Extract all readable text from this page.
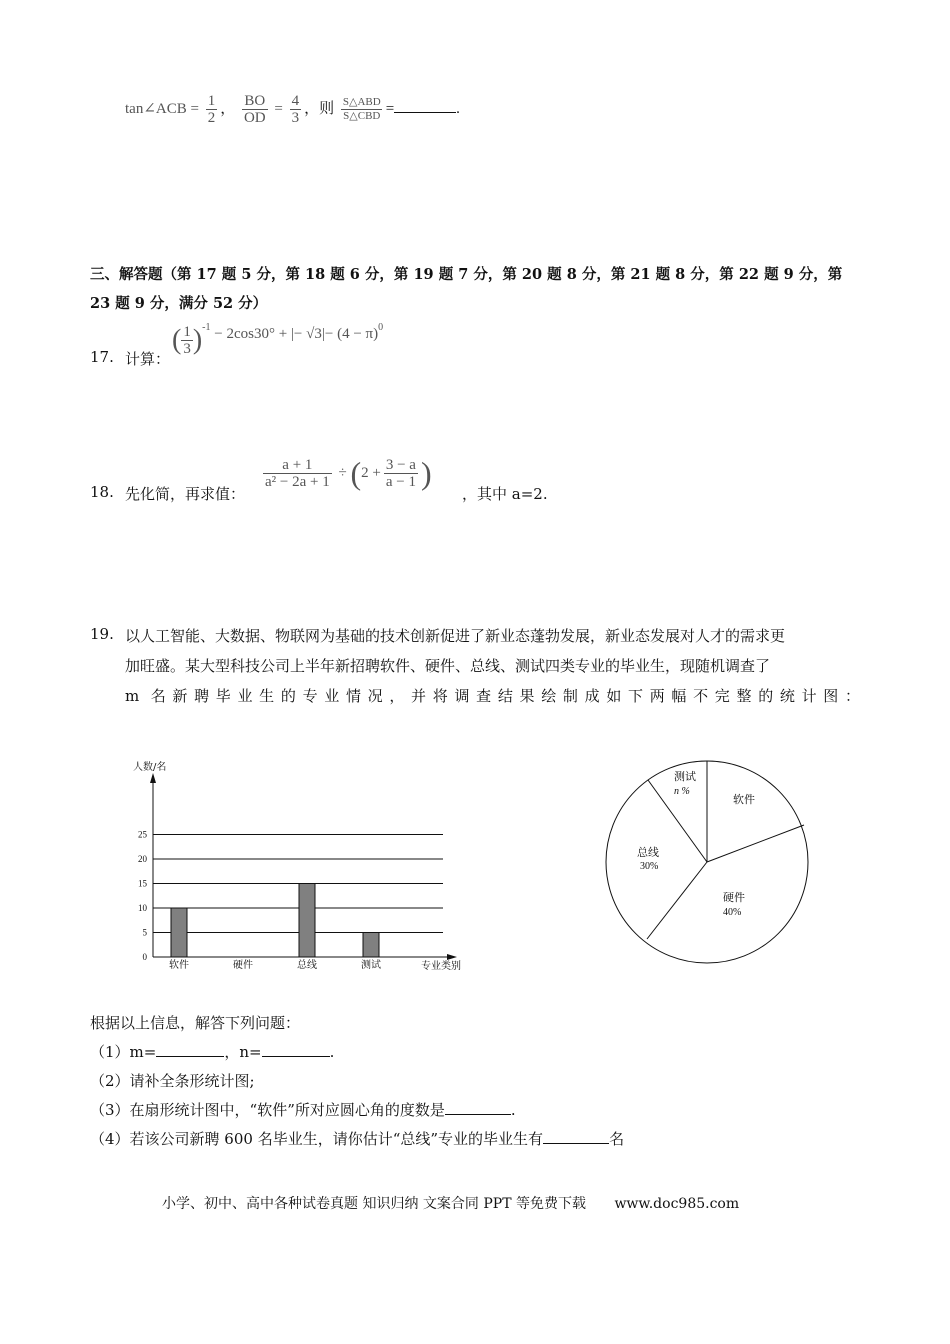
tan∠ACB = $\frac{1}{2}$ ， $\frac{BO}{OD} = \frac{4}{3}$ ，则 $\frac{\text{S△ABD}}{\text{S△CBD}}$ =	.
三、解答题（第 17 题 5 分，第 18 题 6 分，第 19 题 7 分，第 20 题 8 分，第 21 题 8 分，第 22 题 9 分，第
23 题 9 分，满分 52 分）
17. 计算：
( $\frac{1}{3} )^{-1} - 2\cos 30^\circ$ + |− $√3|- (4 - \pi)^0$
18. 先化简，再求值：
$\frac{a + 1}{\text{a² − 2a + 1}} \div (2 + \frac{3 - a}{a - 1}$ )
，其中 a=2.
19. 以人工智能、大数据、物联网为基础的技术创新促进了新业态蓬勃发展，新业态发展对人才的需求更
加旺盛。某大型科技公司上半年新招聘软件、硬件、总线、测试四类专业的毕业生，现随机调查了
m 名新聘毕业生的专业情况，并将调查结果绘制成如下两幅不完整的统计图：
人数/名
0
5
10
15
20
25
软件	硬件	总线	测试	专业类别
测试
n %
软件
总线
30%
硬件
40%
根据以上信息，解答下列问题：
（1）m=	，n=	.
（2）请补全条形统计图;
（3）在扇形统计图中，“软件”所对应圆心角的度数是	.
（4）若该公司新聘 600 名毕业生，请你估计“总线”专业的毕业生有	名
小学、初中、高中各种试卷真题 知识归纳 文案合同 PPT 等免费下载 www.doc985.com
